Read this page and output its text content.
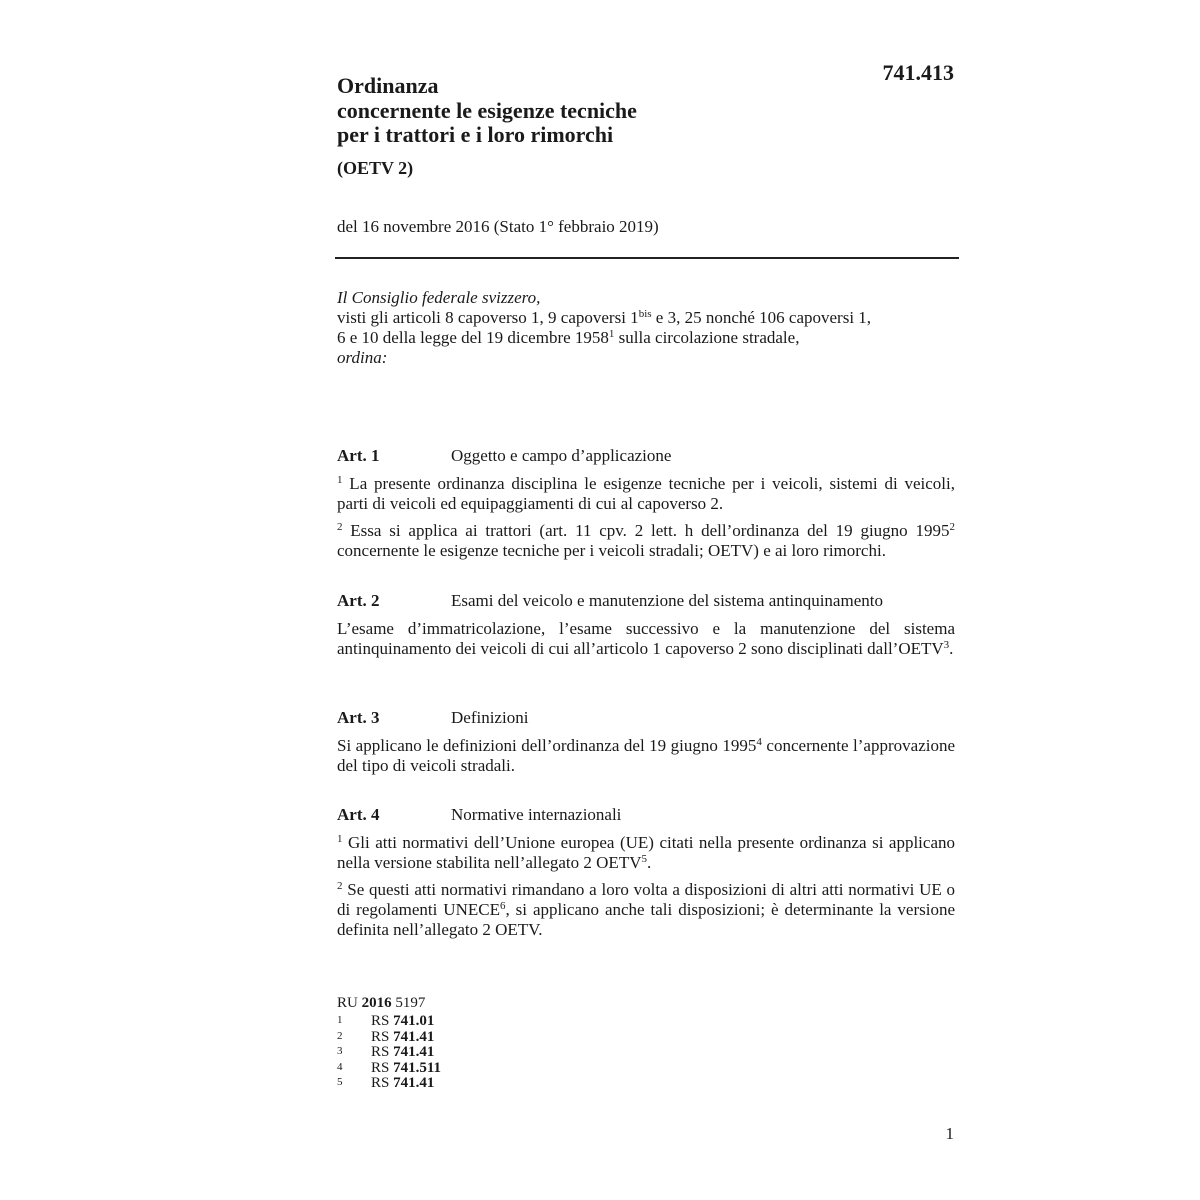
741.413
Ordinanza
concernente le esigenze tecniche
per i trattori e i loro rimorchi
(OETV 2)
del 16 novembre 2016 (Stato 1° febbraio 2019)
Il Consiglio federale svizzero,
visti gli articoli 8 capoverso 1, 9 capoversi $1^{bis}$ e 3, 25 nonché 106 capoversi 1,
6 e 10 della legge del 19 dicembre 1958$^1$ sulla circolazione stradale,
ordina:
Art. 1	Oggetto e campo d’applicazione

$^1$ La presente ordinanza disciplina le esigenze tecniche per i veicoli, sistemi di veicoli, parti di veicoli ed equipaggiamenti di cui al capoverso 2.

$^2$ Essa si applica ai trattori (art. 11 cpv. 2 lett. h dell’ordinanza del 19 giugno 1995$^2$ concernente le esigenze tecniche per i veicoli stradali; OETV) e ai loro rimorchi.

Art. 2	Esami del veicolo e manutenzione del sistema antinquinamento

L’esame d’immatricolazione, l’esame successivo e la manutenzione del sistema antinquinamento dei veicoli di cui all’articolo 1 capoverso 2 sono disciplinati dall’OETV$^3$.

Art. 3	Definizioni

Si applicano le definizioni dell’ordinanza del 19 giugno 1995$^4$ concernente l’approvazione del tipo di veicoli stradali.

Art. 4	Normative internazionali

$^1$ Gli atti normativi dell’Unione europea (UE) citati nella presente ordinanza si applicano nella versione stabilita nell’allegato 2 OETV$^5$.

$^2$ Se questi atti normativi rimandano a loro volta a disposizioni di altri atti normativi UE o di regolamenti UNECE$^6$, si applicano anche tali disposizioni; è determinante la versione definita nell’allegato 2 OETV.

RU 2016 5197
1	RS 741.01
2	RS 741.41
3	RS 741.41
4	RS 741.511
5	RS 741.41
1
